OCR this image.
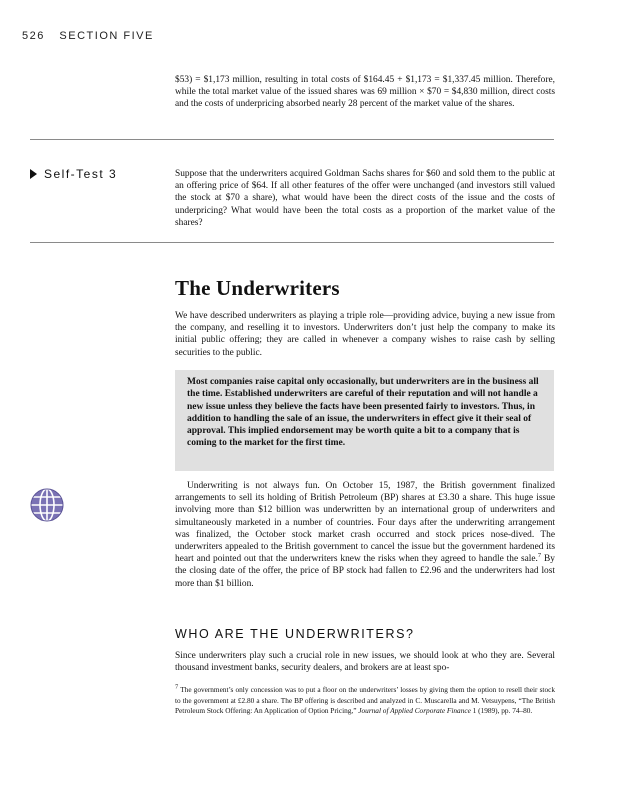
526 SECTION FIVE

$53) = $1,173 million, resulting in total costs of $164.45 + $1,173 = $1,337.45 million. Therefore, while the total market value of the issued shares was 69 million × $70 = $4,830 million, direct costs and the costs of underpricing absorbed nearly 28 percent of the market value of the shares.

Self-Test 3	Suppose that the underwriters acquired Goldman Sachs shares for $60 and sold them to the public at an offering price of $64. If all other features of the offer were unchanged (and investors still valued the stock at $70 a share), what would have been the direct costs of the issue and the costs of underpricing? What would have been the total costs as a proportion of the market value of the shares?

The Underwriters

We have described underwriters as playing a triple role—providing advice, buying a new issue from the company, and reselling it to investors. Underwriters don’t just help the company to make its initial public offering; they are called in whenever a company wishes to raise cash by selling securities to the public.

Most companies raise capital only occasionally, but underwriters are in the business all the time. Established underwriters are careful of their reputation and will not handle a new issue unless they believe the facts have been presented fairly to investors. Thus, in addition to handling the sale of an issue, the underwriters in effect give it their seal of approval. This implied endorsement may be worth quite a bit to a company that is coming to the market for the first time.

Underwriting is not always fun. On October 15, 1987, the British government finalized arrangements to sell its holding of British Petroleum (BP) shares at £3.30 a share. This huge issue involving more than $12 billion was underwritten by an international group of underwriters and simultaneously marketed in a number of countries. Four days after the underwriting arrangement was finalized, the October stock market crash occurred and stock prices nose-dived. The underwriters appealed to the British government to cancel the issue but the government hardened its heart and pointed out that the underwriters knew the risks when they agreed to handle the sale.$^7$ By the closing date of the offer, the price of BP stock had fallen to £2.96 and the underwriters had lost more than $1 billion.

WHO ARE THE UNDERWRITERS?

Since underwriters play such a crucial role in new issues, we should look at who they are. Several thousand investment banks, security dealers, and brokers are at least spo-

$^7$ The government’s only concession was to put a floor on the underwriters’ losses by giving them the option to resell their stock to the government at £2.80 a share. The BP offering is described and analyzed in C. Muscarella and M. Vetsuypens, “The British Petroleum Stock Offering: An Application of Option Pricing,” Journal of Applied Corporate Finance 1 (1989), pp. 74–80.
